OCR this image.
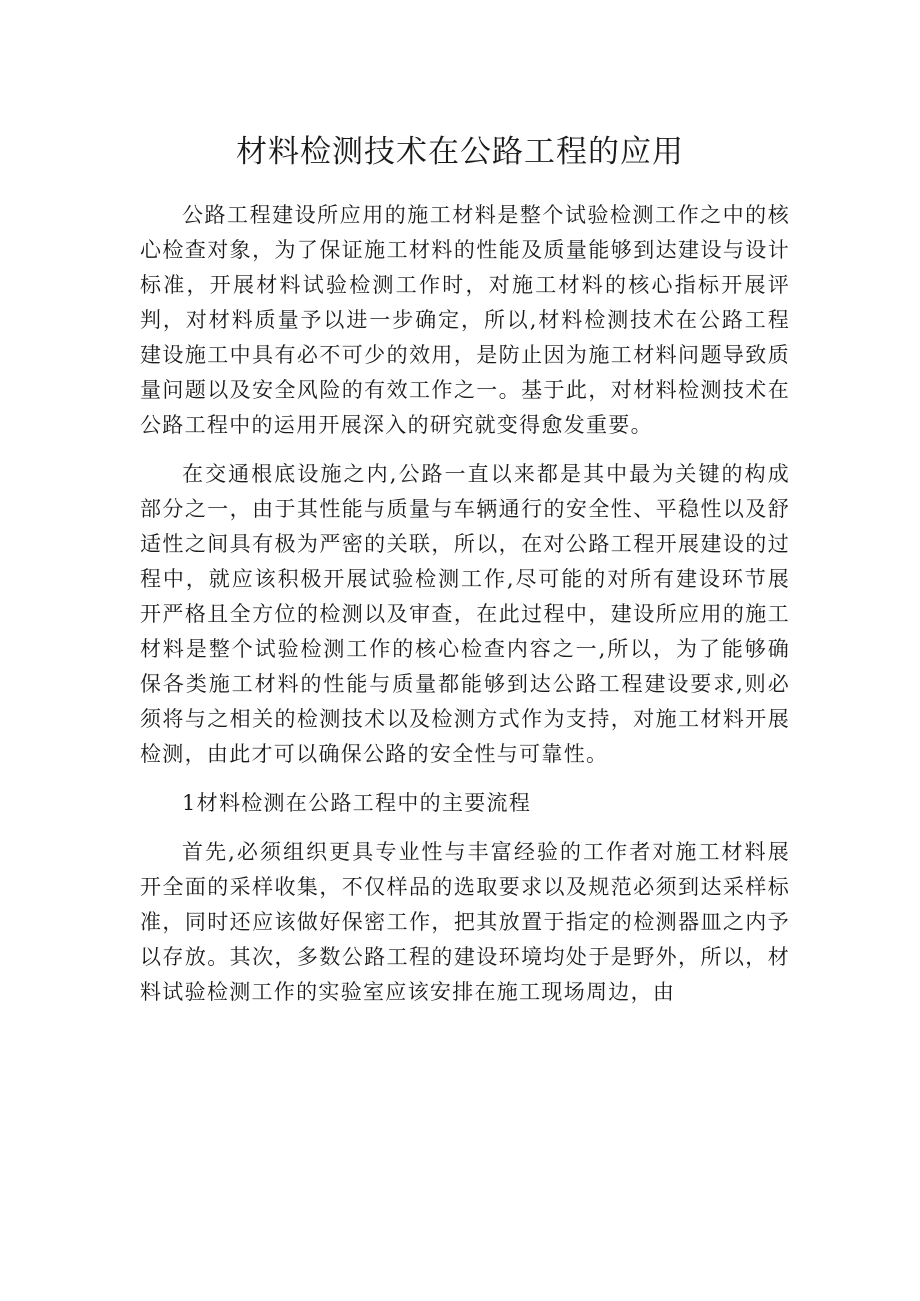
材料检测技术在公路工程的应用

公路工程建设所应用的施工材料是整个试验检测工作之中的核心检查对象，为了保证施工材料的性能及质量能够到达建设与设计标准，开展材料试验检测工作时，对施工材料的核心指标开展评判，对材料质量予以进一步确定，所以,材料检测技术在公路工程建设施工中具有必不可少的效用，是防止因为施工材料问题导致质量问题以及安全风险的有效工作之一。基于此，对材料检测技术在公路工程中的运用开展深入的研究就变得愈发重要。

在交通根底设施之内,公路一直以来都是其中最为关键的构成部分之一，由于其性能与质量与车辆通行的安全性、平稳性以及舒适性之间具有极为严密的关联，所以，在对公路工程开展建设的过程中，就应该积极开展试验检测工作,尽可能的对所有建设环节展开严格且全方位的检测以及审查，在此过程中，建设所应用的施工材料是整个试验检测工作的核心检查内容之一,所以，为了能够确保各类施工材料的性能与质量都能够到达公路工程建设要求,则必须将与之相关的检测技术以及检测方式作为支持，对施工材料开展检测，由此才可以确保公路的安全性与可靠性。

1材料检测在公路工程中的主要流程

首先,必须组织更具专业性与丰富经验的工作者对施工材料展开全面的采样收集，不仅样品的选取要求以及规范必须到达采样标准，同时还应该做好保密工作，把其放置于指定的检测器皿之内予以存放。其次，多数公路工程的建设环境均处于是野外，所以，材料试验检测工作的实验室应该安排在施工现场周边，由
